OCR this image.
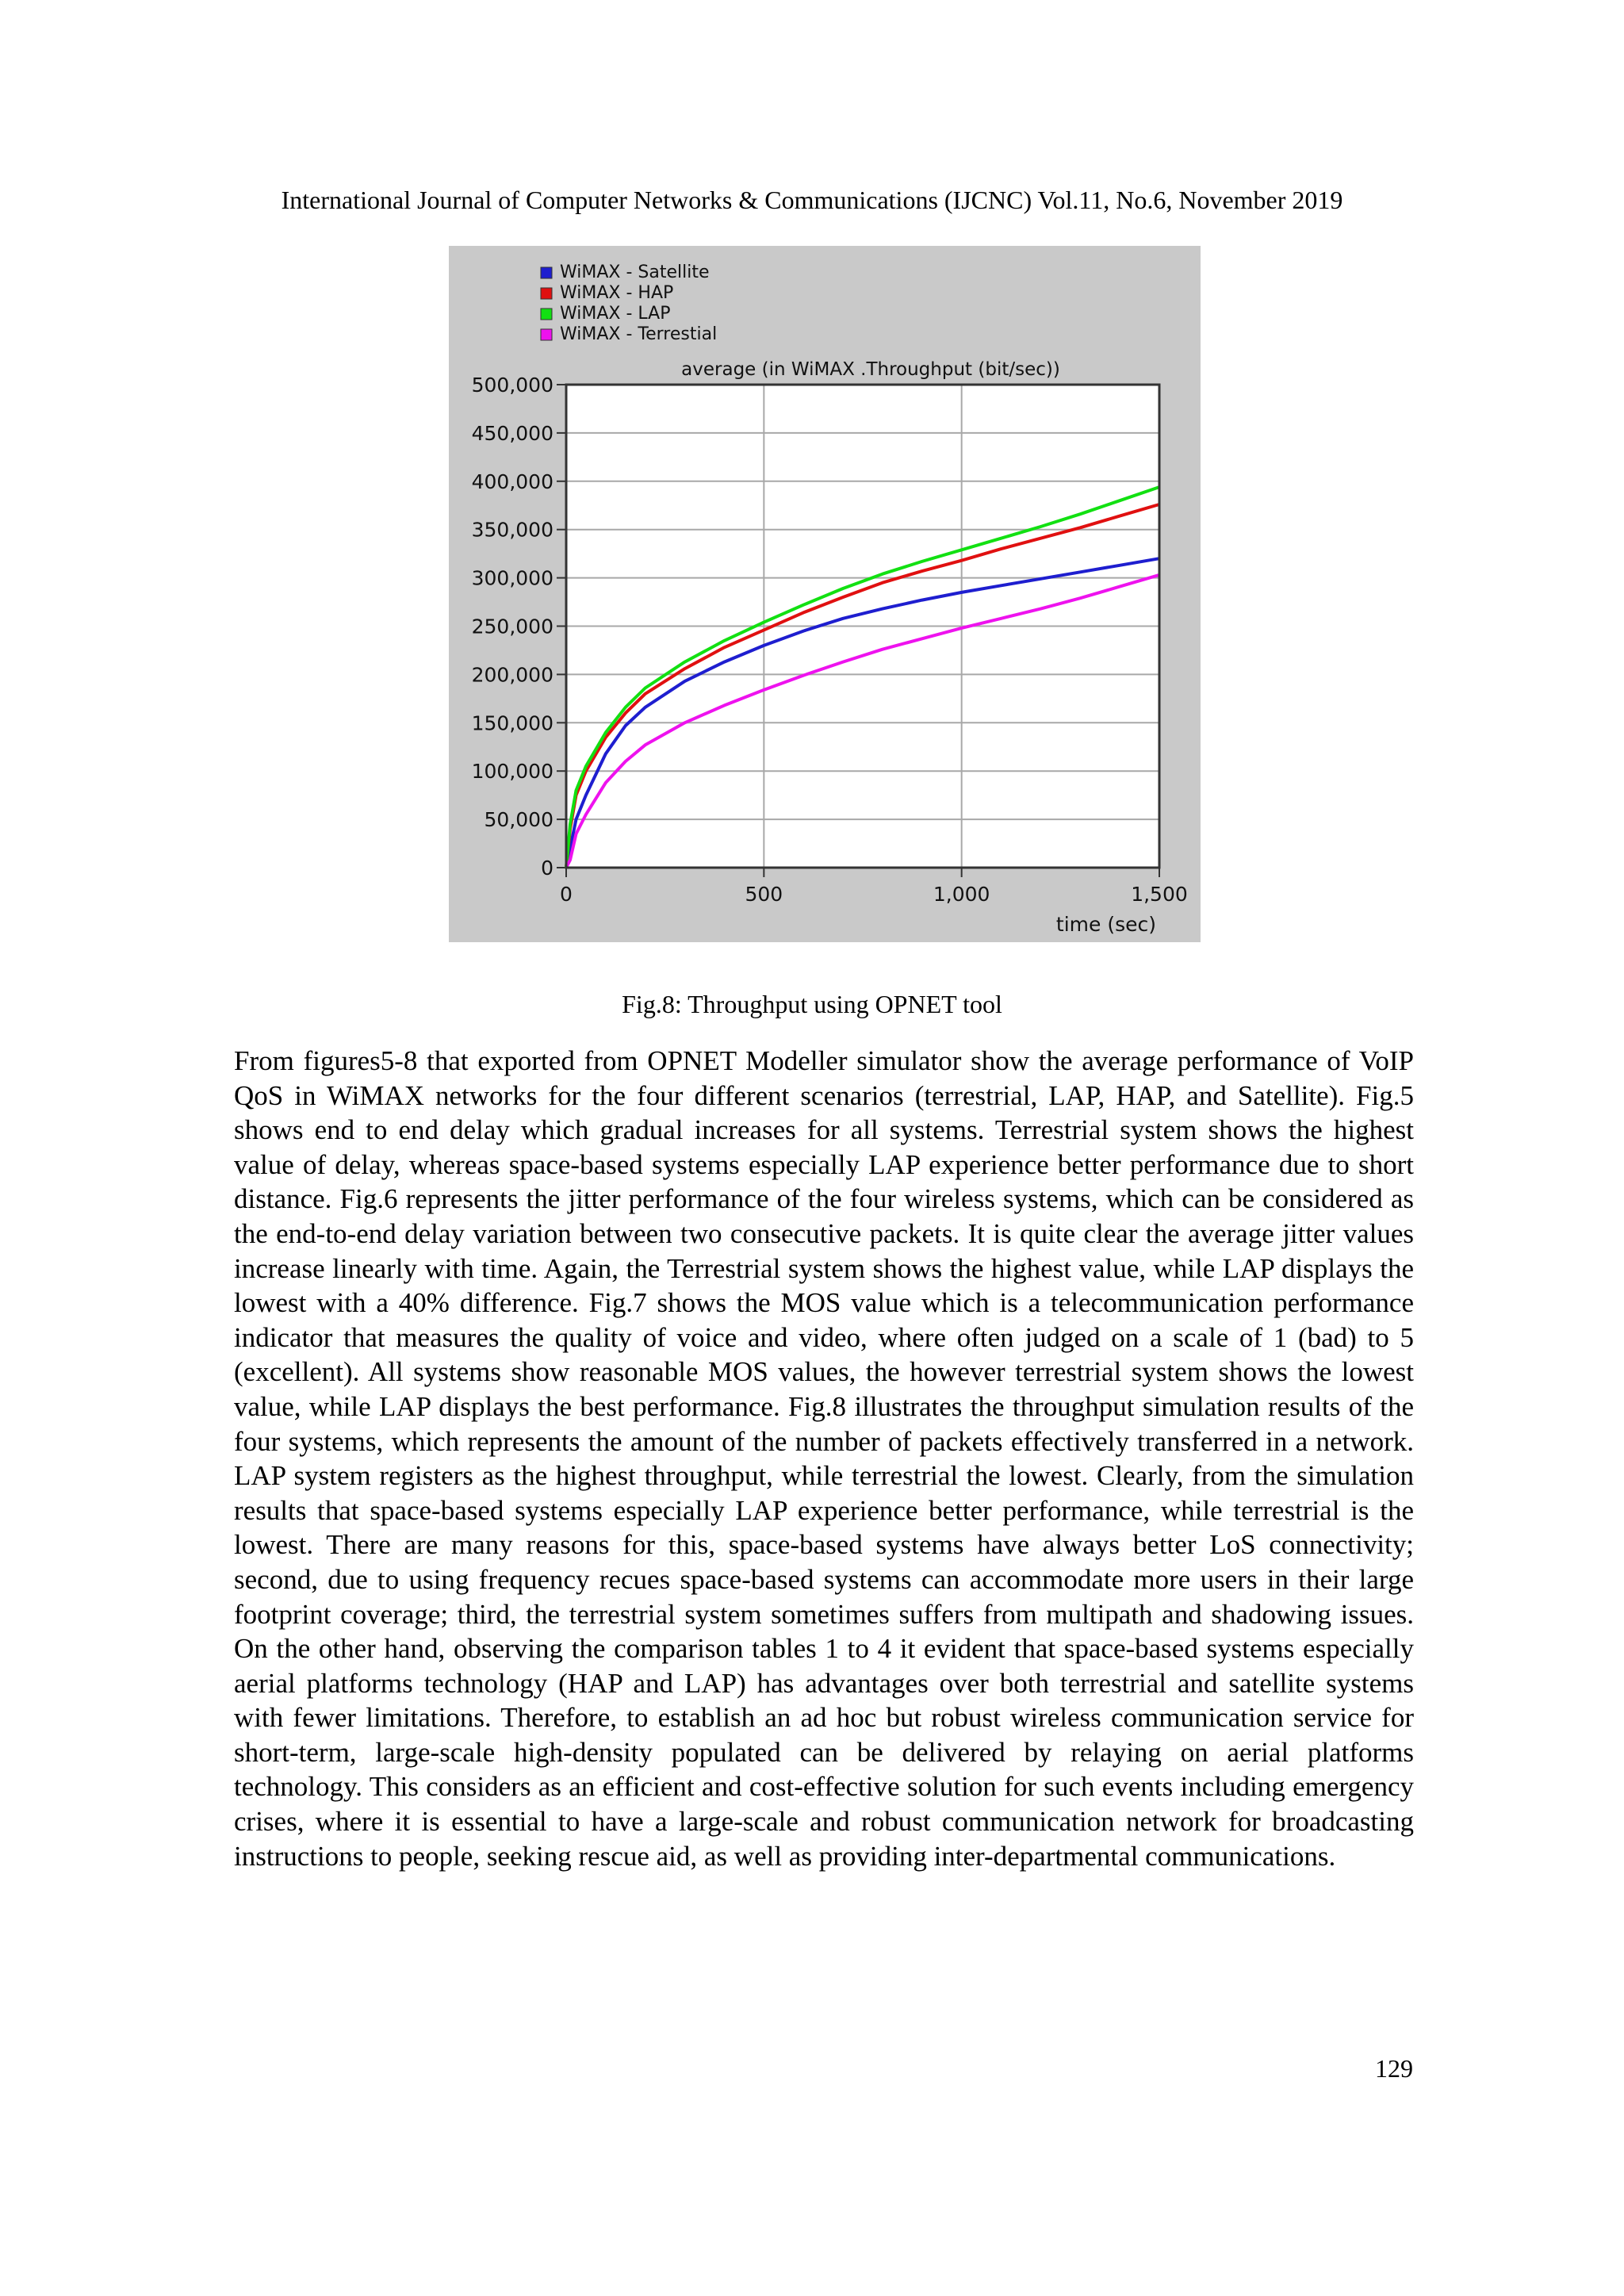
International Journal of Computer Networks & Communications (IJCNC) Vol.11, No.6, November 2019
0
50,000
100,000
150,000
200,000
250,000
300,000
350,000
400,000
450,000
500,000
0	500	1,000	1,500
average (in WiMAX .Throughput (bit/sec))
time (sec)
WiMAX - Satellite
WiMAX - HAP
WiMAX - LAP
WiMAX - Terrestial
Fig.8: Throughput using OPNET tool
From figures5-8 that exported from OPNET Modeller simulator show the average performance of VoIP QoS in WiMAX networks for the four different scenarios (terrestrial, LAP, HAP, and Satellite). Fig.5 shows end to end delay which gradual increases for all systems. Terrestrial system shows the highest value of delay, whereas space-based systems especially LAP experience better performance due to short distance. Fig.6 represents the jitter performance of the four wireless systems, which can be considered as the end-to-end delay variation between two consecutive packets. It is quite clear the average jitter values increase linearly with time. Again, the Terrestrial system shows the highest value, while LAP displays the lowest with a 40% difference. Fig.7 shows the MOS value which is a telecommunication performance indicator that measures the quality of voice and video, where often judged on a scale of 1 (bad) to 5 (excellent). All systems show reasonable MOS values, the however terrestrial system shows the lowest value, while LAP displays the best performance. Fig.8 illustrates the throughput simulation results of the four systems, which represents the amount of the number of packets effectively transferred in a network. LAP system registers as the highest throughput, while terrestrial the lowest. Clearly, from the simulation results that space-based systems especially LAP experience better performance, while terrestrial is the lowest. There are many reasons for this, space-based systems have always better LoS connectivity; second, due to using frequency recues space-based systems can accommodate more users in their large footprint coverage; third, the terrestrial system sometimes suffers from multipath and shadowing issues. On the other hand, observing the comparison tables 1 to 4 it evident that space-based systems especially aerial platforms technology (HAP and LAP) has advantages over both terrestrial and satellite systems with fewer limitations. Therefore, to establish an ad hoc but robust wireless communication service for short-term, large-scale high-density populated can be delivered by relaying on aerial platforms technology. This considers as an efficient and cost-effective solution for such events including emergency crises, where it is essential to have a large-scale and robust communication network for broadcasting instructions to people, seeking rescue aid, as well as providing inter-departmental communications.
129
